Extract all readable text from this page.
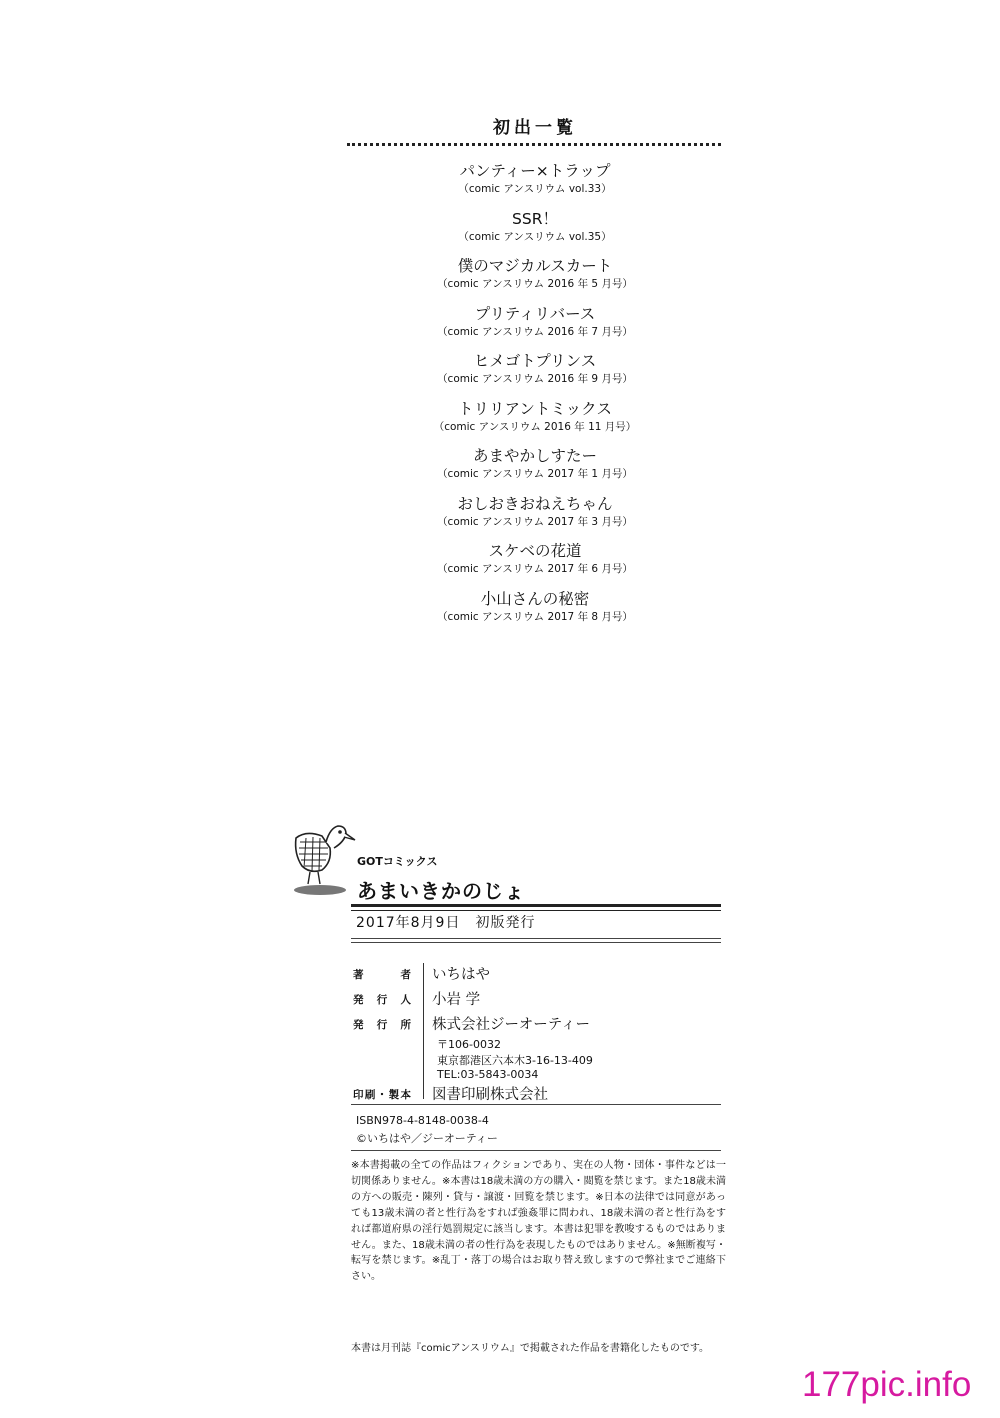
初出一覧
パンティー×トラップ
（comic アンスリウム vol.33）
SSR！
（comic アンスリウム vol.35）
僕のマジカルスカート
（comic アンスリウム 2016 年 5 月号）
プリティリバース
（comic アンスリウム 2016 年 7 月号）
ヒメゴトプリンス
（comic アンスリウム 2016 年 9 月号）
トリリアントミックス
（comic アンスリウム 2016 年 11 月号）
あまやかしすたー
（comic アンスリウム 2017 年 1 月号）
おしおきおねえちゃん
（comic アンスリウム 2017 年 3 月号）
スケベの花道
（comic アンスリウム 2017 年 6 月号）
小山さんの秘密
（comic アンスリウム 2017 年 8 月号）
GOTコミックス
あまいきかのじょ
2017年8月9日　初版発行
著　者 いちはや
発行人 小岩 学
発行所 株式会社ジーオーティー
〒106-0032
東京都港区六本木3-16-13-409
TEL:03-5843-0034
印刷・製本 図書印刷株式会社
ISBN978-4-8148-0038-4
©いちはや／ジーオーティー

※本書掲載の全ての作品はフィクションであり、実在の人物・団体・事件などは一切関係ありません。※本書は18歳未満の方の購入・閲覧を禁じます。また18歳未満の方への販売・陳列・貸与・譲渡・回覧を禁じます。※日本の法律では同意があっても13歳未満の者と性行為をすれば強姦罪に問われ、18歳未満の者と性行為をすれば都道府県の淫行処罰規定に該当します。本書は犯罪を教唆するものではありません。また、18歳未満の者の性行為を表現したものではありません。※無断複写・転写を禁じます。※乱丁・落丁の場合はお取り替え致しますので弊社までご連絡下さい。

本書は月刊誌『comicアンスリウム』で掲載された作品を書籍化したものです。
177pic.info
